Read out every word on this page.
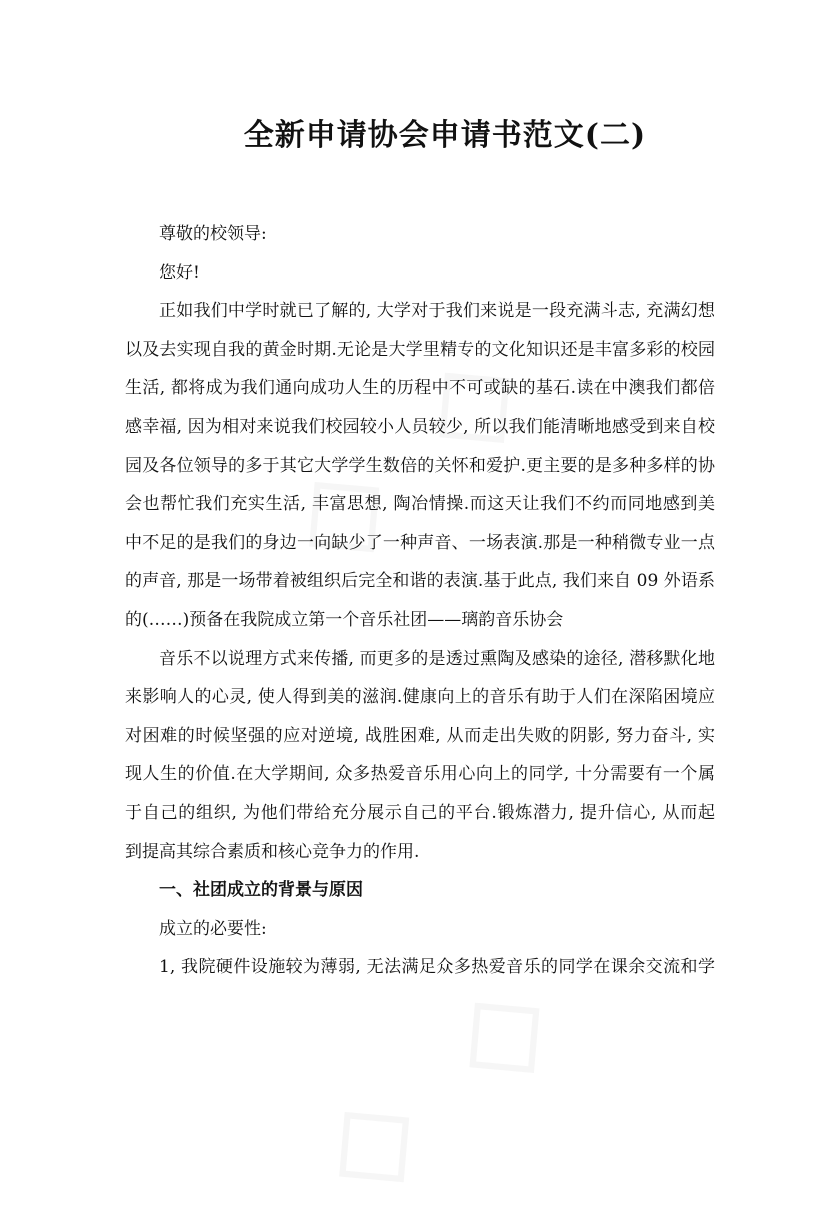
全新申请协会申请书范文(二)
尊敬的校领导:
您好!
正如我们中学时就已了解的, 大学对于我们来说是一段充满斗志, 充满幻想
以及去实现自我的黄金时期.无论是大学里精专的文化知识还是丰富多彩的校园
生活, 都将成为我们通向成功人生的历程中不可或缺的基石.读在中澳我们都倍
感幸福, 因为相对来说我们校园较小人员较少, 所以我们能清晰地感受到来自校
园及各位领导的多于其它大学学生数倍的关怀和爱护.更主要的是多种多样的协
会也帮忙我们充实生活, 丰富思想, 陶冶情操.而这天让我们不约而同地感到美
中不足的是我们的身边一向缺少了一种声音、一场表演.那是一种稍微专业一点
的声音, 那是一场带着被组织后完全和谐的表演.基于此点, 我们来自 09 外语系
的(……)预备在我院成立第一个音乐社团——璃韵音乐协会
音乐不以说理方式来传播, 而更多的是透过熏陶及感染的途径, 潜移默化地
来影响人的心灵, 使人得到美的滋润.健康向上的音乐有助于人们在深陷困境应
对困难的时候坚强的应对逆境, 战胜困难, 从而走出失败的阴影, 努力奋斗, 实
现人生的价值.在大学期间, 众多热爱音乐用心向上的同学, 十分需要有一个属
于自己的组织, 为他们带给充分展示自己的平台.锻炼潜力, 提升信心, 从而起
到提高其综合素质和核心竞争力的作用.
一、社团成立的背景与原因
成立的必要性:
1, 我院硬件设施较为薄弱, 无法满足众多热爱音乐的同学在课余交流和学
